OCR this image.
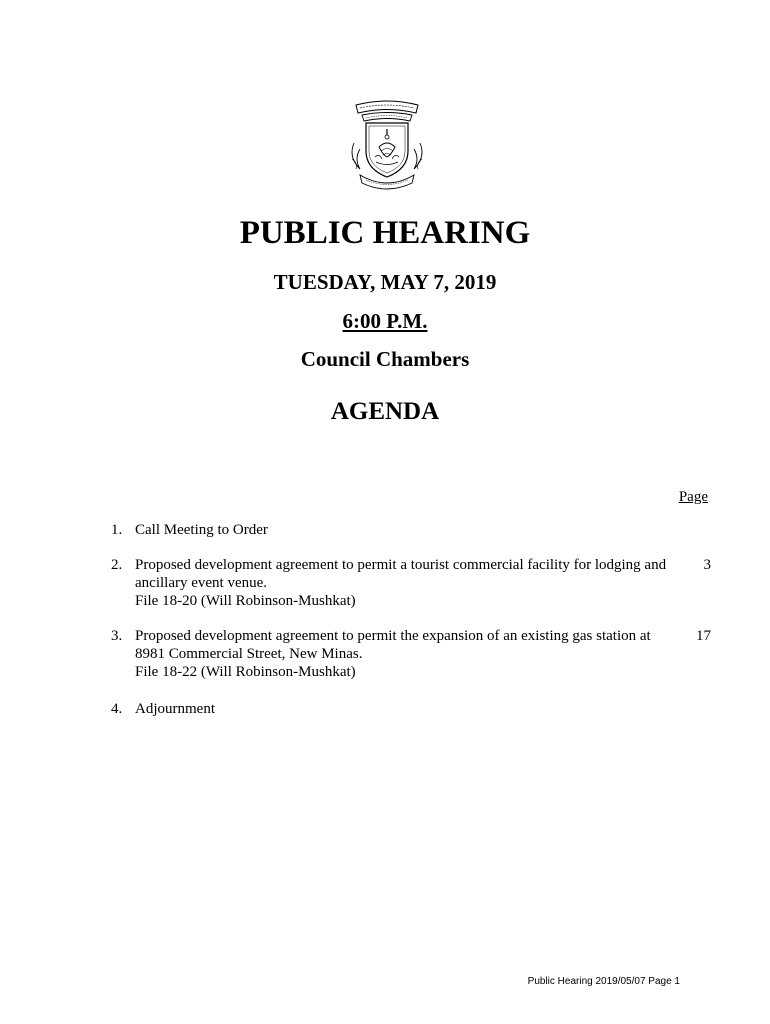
PUBLIC HEARING
TUESDAY, MAY 7, 2019
6:00 P.M.
Council Chambers
AGENDA
Page
1. Call Meeting to Order
2. Proposed development agreement to permit a tourist commercial facility for lodging and
ancillary event venue.
File 18-20 (Will Robinson-Mushkat)
3
3. Proposed development agreement to permit the expansion of an existing gas station at
8981 Commercial Street, New Minas.
File 18-22 (Will Robinson-Mushkat)
17
4. Adjournment
Public Hearing 2019/05/07 Page 1
